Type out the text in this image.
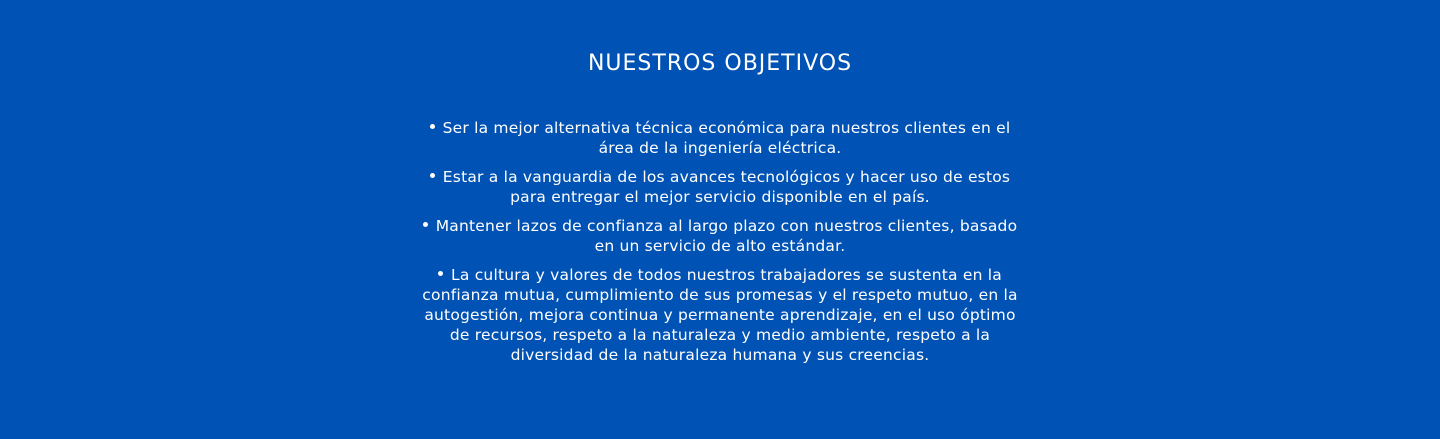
NUESTROS OBJETIVOS
Ser la mejor alternativa técnica económica para nuestros clientes en el área de la ingeniería eléctrica.
Estar a la vanguardia de los avances tecnológicos y hacer uso de estos para entregar el mejor servicio disponible en el país.
Mantener lazos de confianza al largo plazo con nuestros clientes, basado en un servicio de alto estándar.
La cultura y valores de todos nuestros trabajadores se sustenta en la confianza mutua, cumplimiento de sus promesas y el respeto mutuo, en la autogestión, mejora continua y permanente aprendizaje, en el uso óptimo de recursos, respeto a la naturaleza y medio ambiente, respeto a la diversidad de la naturaleza humana y sus creencias.
